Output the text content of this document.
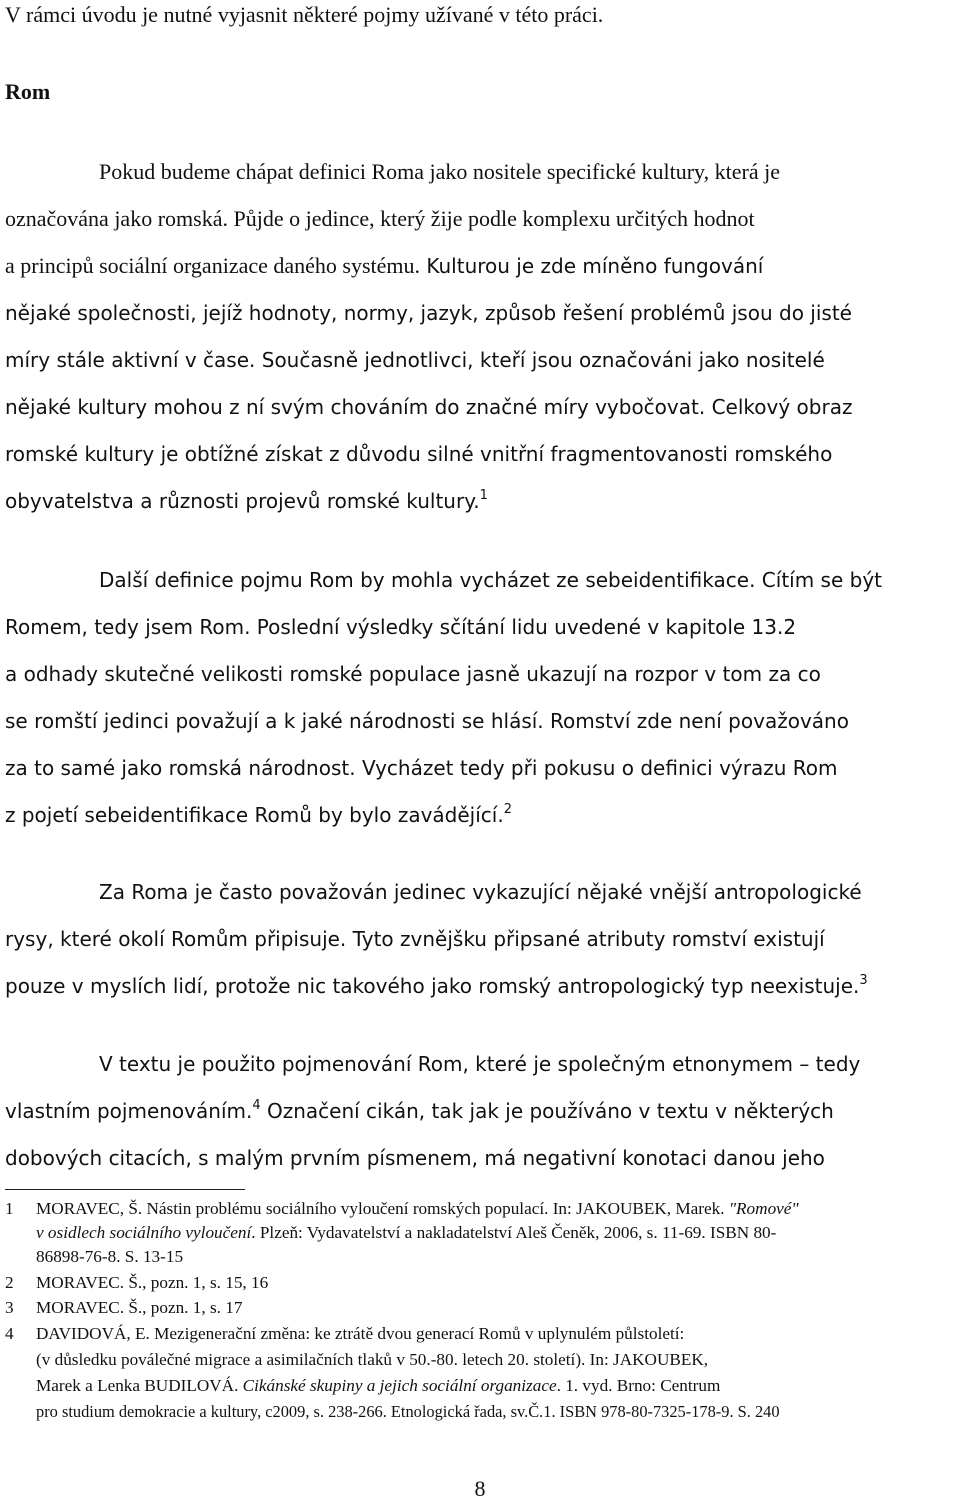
V rámci úvodu je nutné vyjasnit některé pojmy užívané v této práci.
Rom
Pokud budeme chápat definici Roma jako nositele specifické kultury, která je
označována jako romská. Půjde o jedince, který žije podle komplexu určitých hodnot
a principů sociální organizace daného systému. Kulturou je zde míněno fungování
nějaké společnosti, jejíž hodnoty, normy, jazyk, způsob řešení problémů jsou do jisté
míry stále aktivní v čase. Současně jednotlivci, kteří jsou označováni jako nositelé
nějaké kultury mohou z ní svým chováním do značné míry vybočovat. Celkový obraz
romské kultury je obtížné získat z důvodu silné vnitřní fragmentovanosti romského
obyvatelstva a různosti projevů romské kultury.$^1$
Další definice pojmu Rom by mohla vycházet ze sebeidentifikace. Cítím se být
Romem, tedy jsem Rom. Poslední výsledky sčítání lidu uvedené v kapitole 13.2
a odhady skutečné velikosti romské populace jasně ukazují na rozpor v tom za co
se romští jedinci považují a k jaké národnosti se hlásí. Romství zde není považováno
za to samé jako romská národnost. Vycházet tedy při pokusu o definici výrazu Rom
z pojetí sebeidentifikace Romů by bylo zavádějící.$^2$
Za Roma je často považován jedinec vykazující nějaké vnější antropologické
rysy, které okolí Romům připisuje. Tyto zvnějšku připsané atributy romství existují
pouze v myslích lidí, protože nic takového jako romský antropologický typ neexistuje.$^3$
V textu je použito pojmenování Rom, které je společným etnonymem – tedy
vlastním pojmenováním.$^4$ Označení cikán, tak jak je používáno v textu v některých
dobových citacích, s malým prvním písmenem, má negativní konotaci danou jeho
1 MORAVEC, Š. Nástin problému sociálního vyloučení romských populací. In: JAKOUBEK, Marek. "Romové"
v osidlech sociálního vyloučení. Plzeň: Vydavatelství a nakladatelství Aleš Čeněk, 2006, s. 11-69. ISBN 80-
86898-76-8. S. 13-15
2 MORAVEC. Š., pozn. 1, s. 15, 16
3 MORAVEC. Š., pozn. 1, s. 17
4 DAVIDOVÁ, E. Mezigenerační změna: ke ztrátě dvou generací Romů v uplynulém půlstoletí:
(v důsledku poválečné migrace a asimilačních tlaků v 50.-80. letech 20. století). In: JAKOUBEK,
Marek a Lenka BUDILOVÁ. Cikánské skupiny a jejich sociální organizace. 1. vyd. Brno: Centrum
pro studium demokracie a kultury, c2009, s. 238-266. Etnologická řada, sv.Č.1. ISBN 978-80-7325-178-9. S. 240
8
